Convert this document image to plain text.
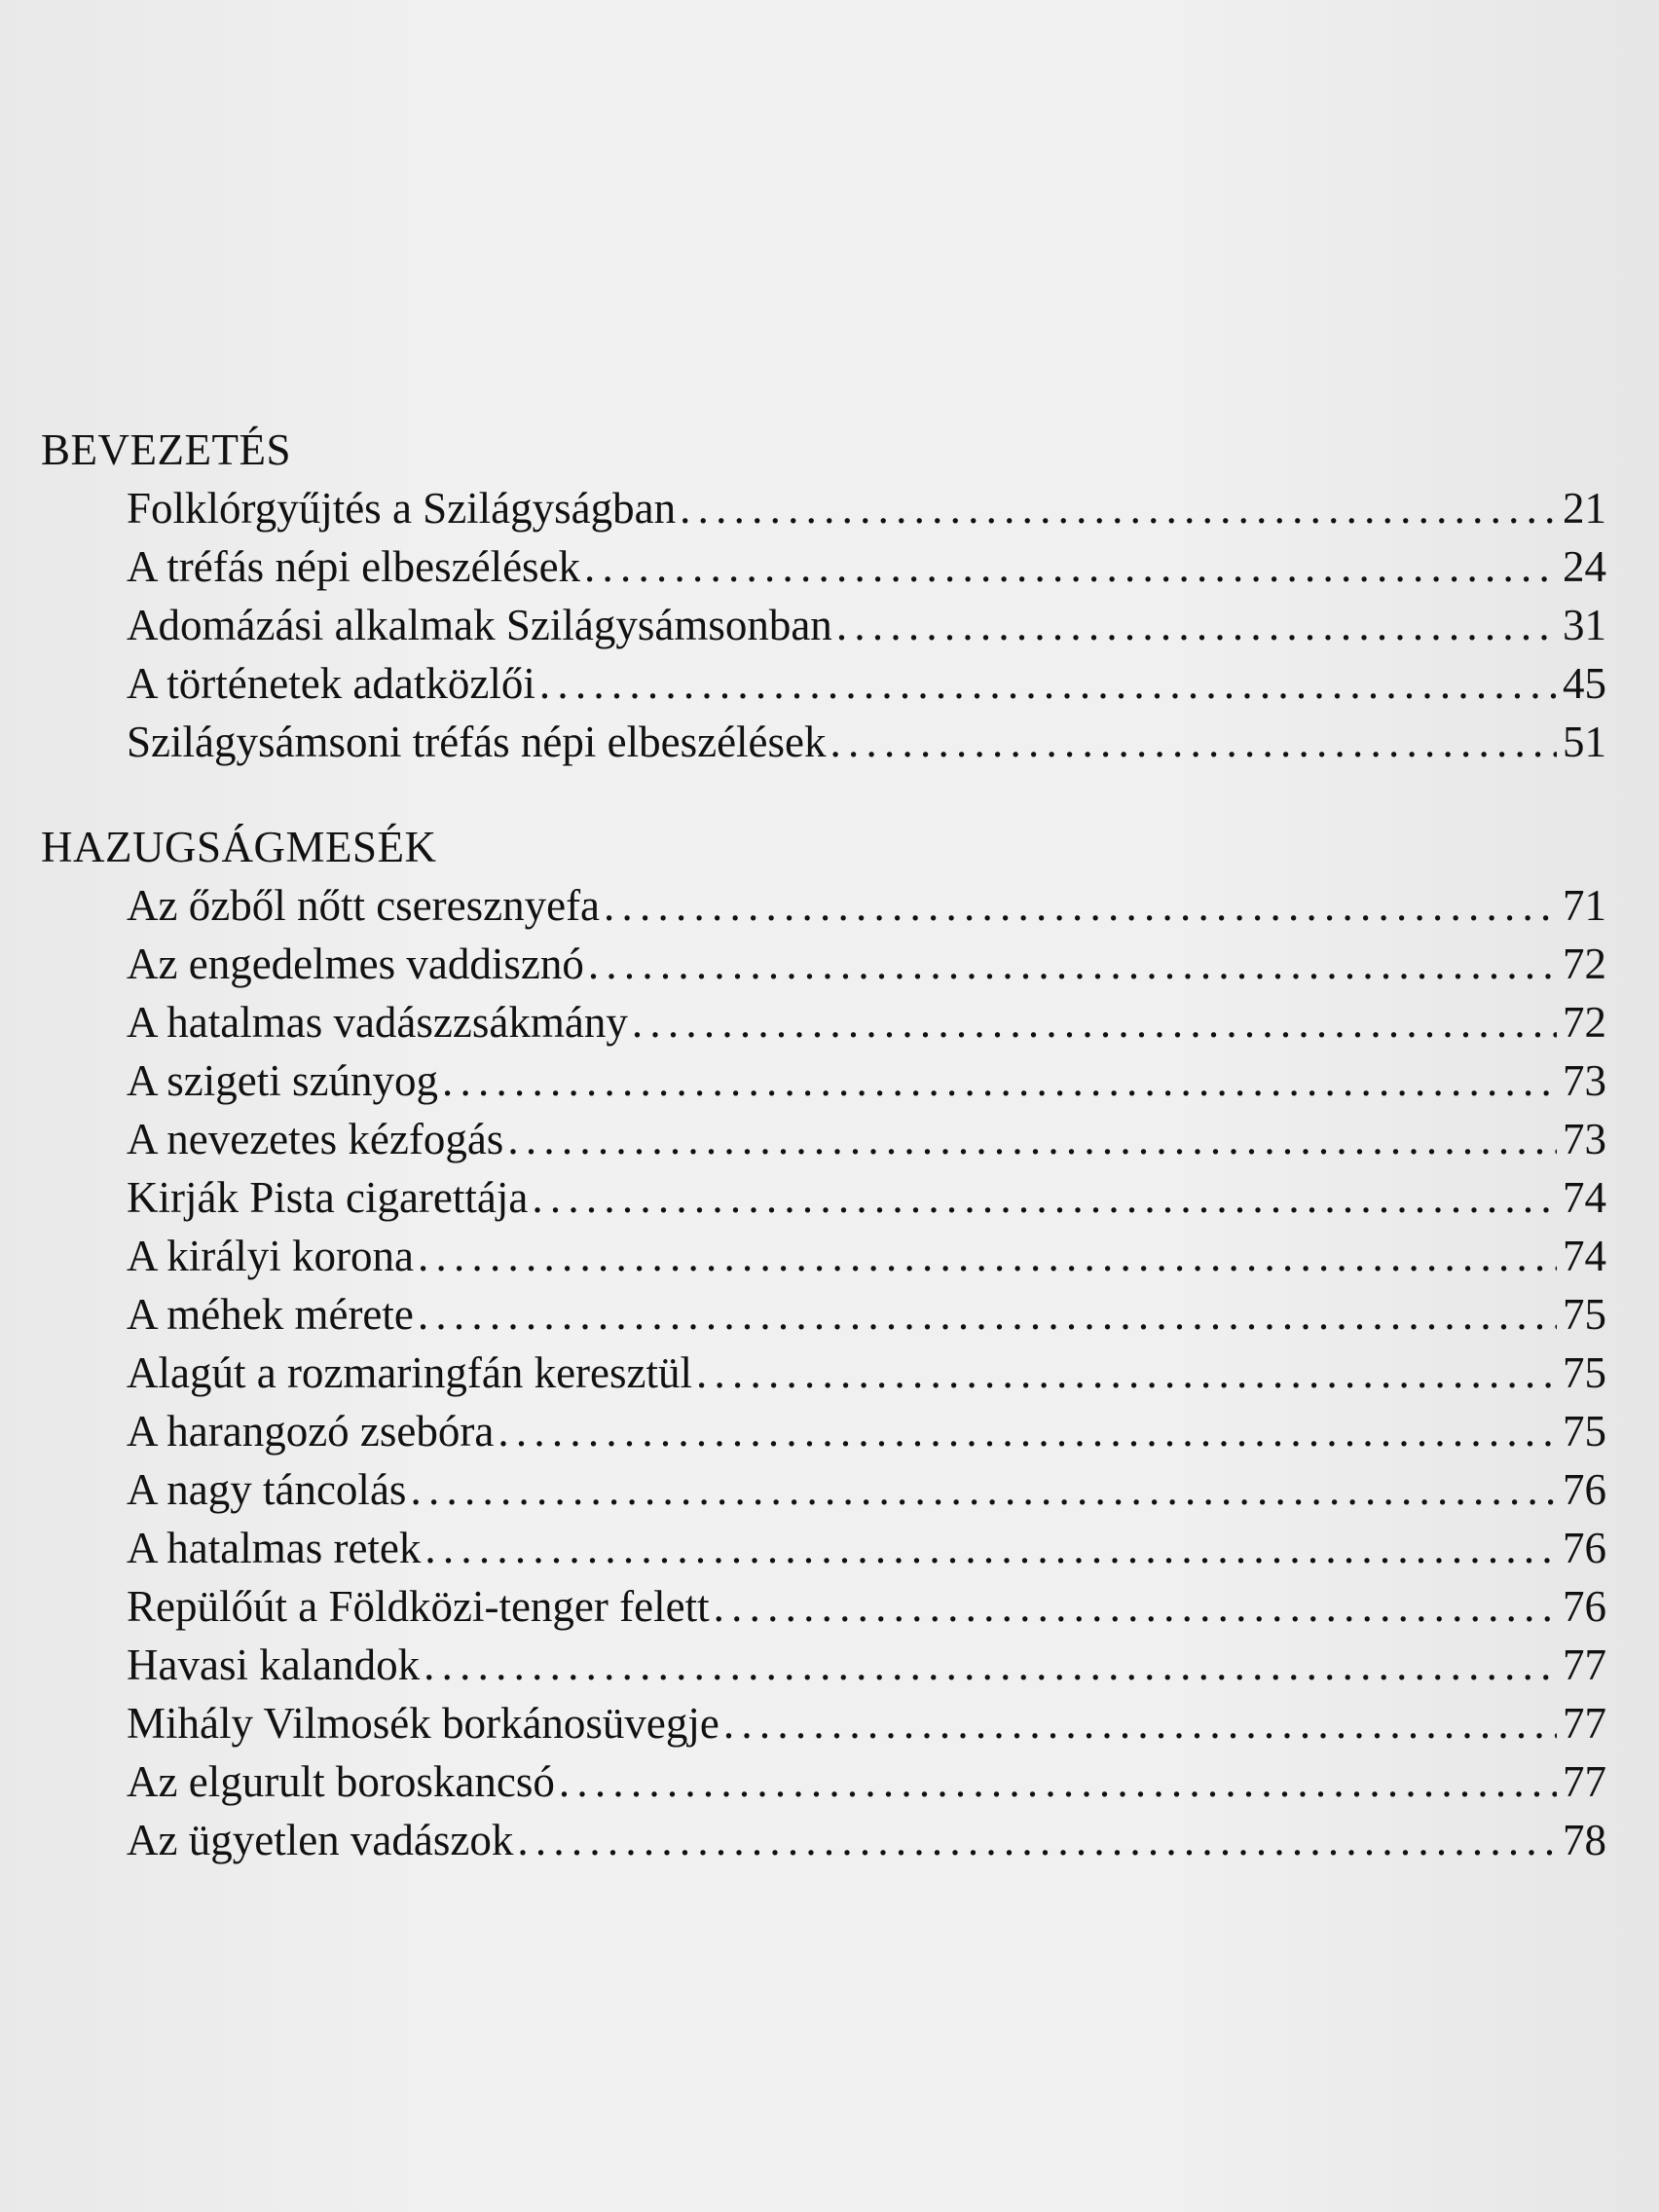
BEVEZETÉS
Folklórgyűjtés a Szilágyságban . . .	21
A tréfás népi elbeszélések . . .	24
Adomázási alkalmak Szilágysámsonban . . .	31
A történetek adatközlői . . .	45
Szilágysámsoni tréfás népi elbeszélések . . .	51
HAZUGSÁGMESÉK
Az őzből nőtt cseresznyefa . . .	71
Az engedelmes vaddisznó . . .	72
A hatalmas vadászzsákmány . . .	72
A szigeti szúnyog . . .	73
A nevezetes kézfogás . . .	73
Kirják Pista cigarettája . . .	74
A királyi korona . . .	74
A méhek mérete . . .	75
Alagút a rozmaringfán keresztül . . .	75
A harangozó zsebóra . . .	75
A nagy táncolás . . .	76
A hatalmas retek . . .	76
Repülőút a Földközi-tenger felett . . .	76
Havasi kalandok . . .	77
Mihály Vilmosék borkánosüvegje . . .	77
Az elgurult boroskancsó . . .	77
Az ügyetlen vadászok . . .	78
